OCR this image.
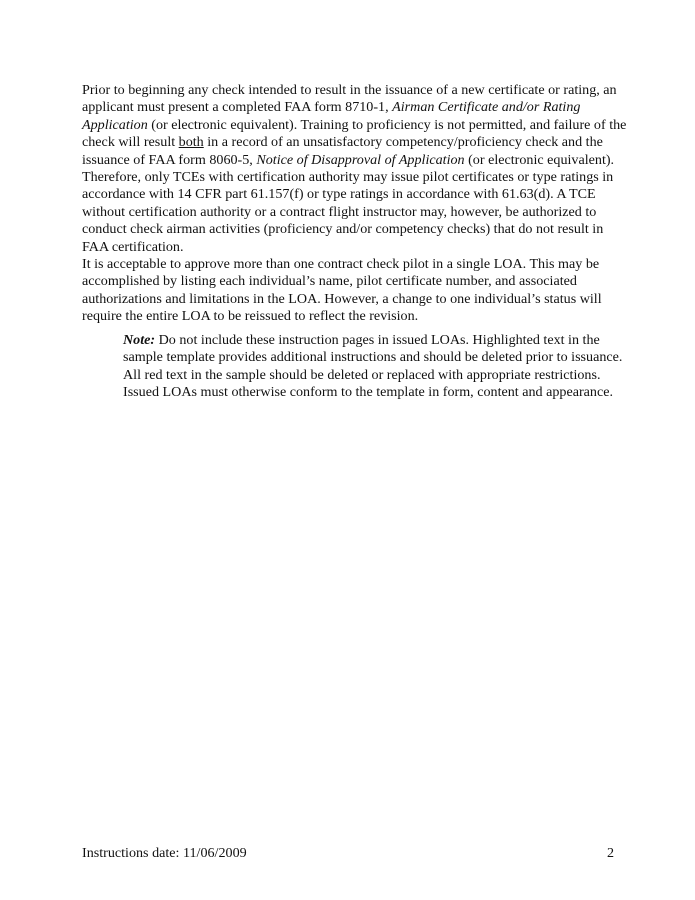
Prior to beginning any check intended to result in the issuance of a new certificate or rating, an
applicant must present a completed FAA form 8710-1, Airman Certificate and/or Rating
Application (or electronic equivalent). Training to proficiency is not permitted, and failure of the
check will result both in a record of an unsatisfactory competency/proficiency check and the
issuance of FAA form 8060-5, Notice of Disapproval of Application (or electronic equivalent).
Therefore, only TCEs with certification authority may issue pilot certificates or type ratings in
accordance with 14 CFR part 61.157(f) or type ratings in accordance with 61.63(d). A TCE
without certification authority or a contract flight instructor may, however, be authorized to
conduct check airman activities (proficiency and/or competency checks) that do not result in
FAA certification.
It is acceptable to approve more than one contract check pilot in a single LOA. This may be
accomplished by listing each individual’s name, pilot certificate number, and associated
authorizations and limitations in the LOA. However, a change to one individual’s status will
require the entire LOA to be reissued to reflect the revision.
Note: Do not include these instruction pages in issued LOAs. Highlighted text in the
sample template provides additional instructions and should be deleted prior to issuance.
All red text in the sample should be deleted or replaced with appropriate restrictions.
Issued LOAs must otherwise conform to the template in form, content and appearance.
Instructions date: 11/06/2009	2
